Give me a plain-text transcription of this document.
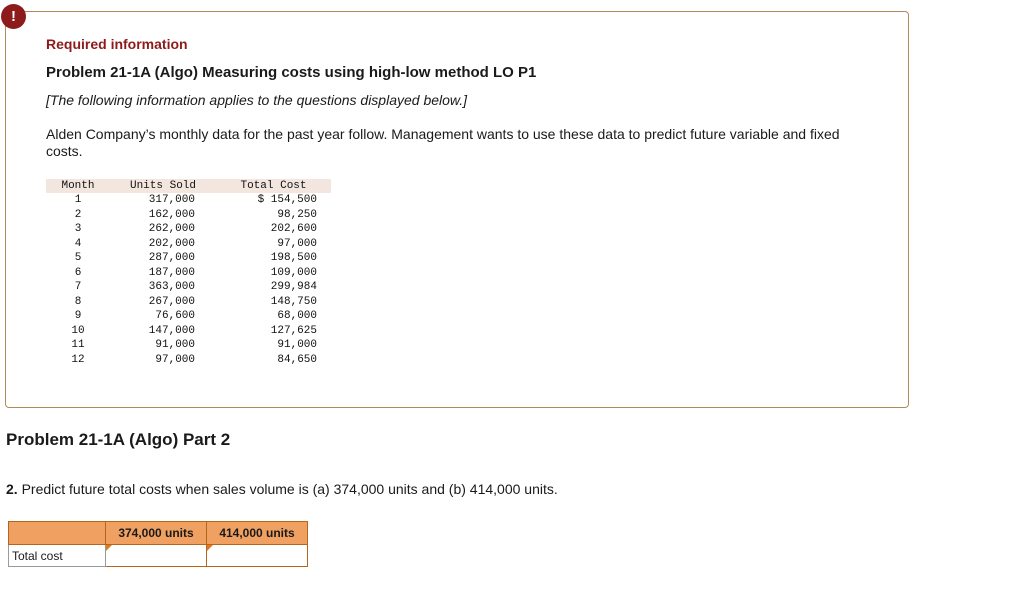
!
Required information
Problem 21-1A (Algo) Measuring costs using high-low method LO P1
[The following information applies to the questions displayed below.]
Alden Company’s monthly data for the past year follow. Management wants to use these data to predict future variable and fixed costs.
Month	Units Sold	Total Cost
1	317,000	$ 154,500
2	162,000	98,250
3	262,000	202,600
4	202,000	97,000
5	287,000	198,500
6	187,000	109,000
7	363,000	299,984
8	267,000	148,750
9	76,600	68,000
10	147,000	127,625
11	91,000	91,000
12	97,000	84,650
Problem 21-1A (Algo) Part 2
2. Predict future total costs when sales volume is (a) 374,000 units and (b) 414,000 units.
	374,000 units	414,000 units
Total cost	
